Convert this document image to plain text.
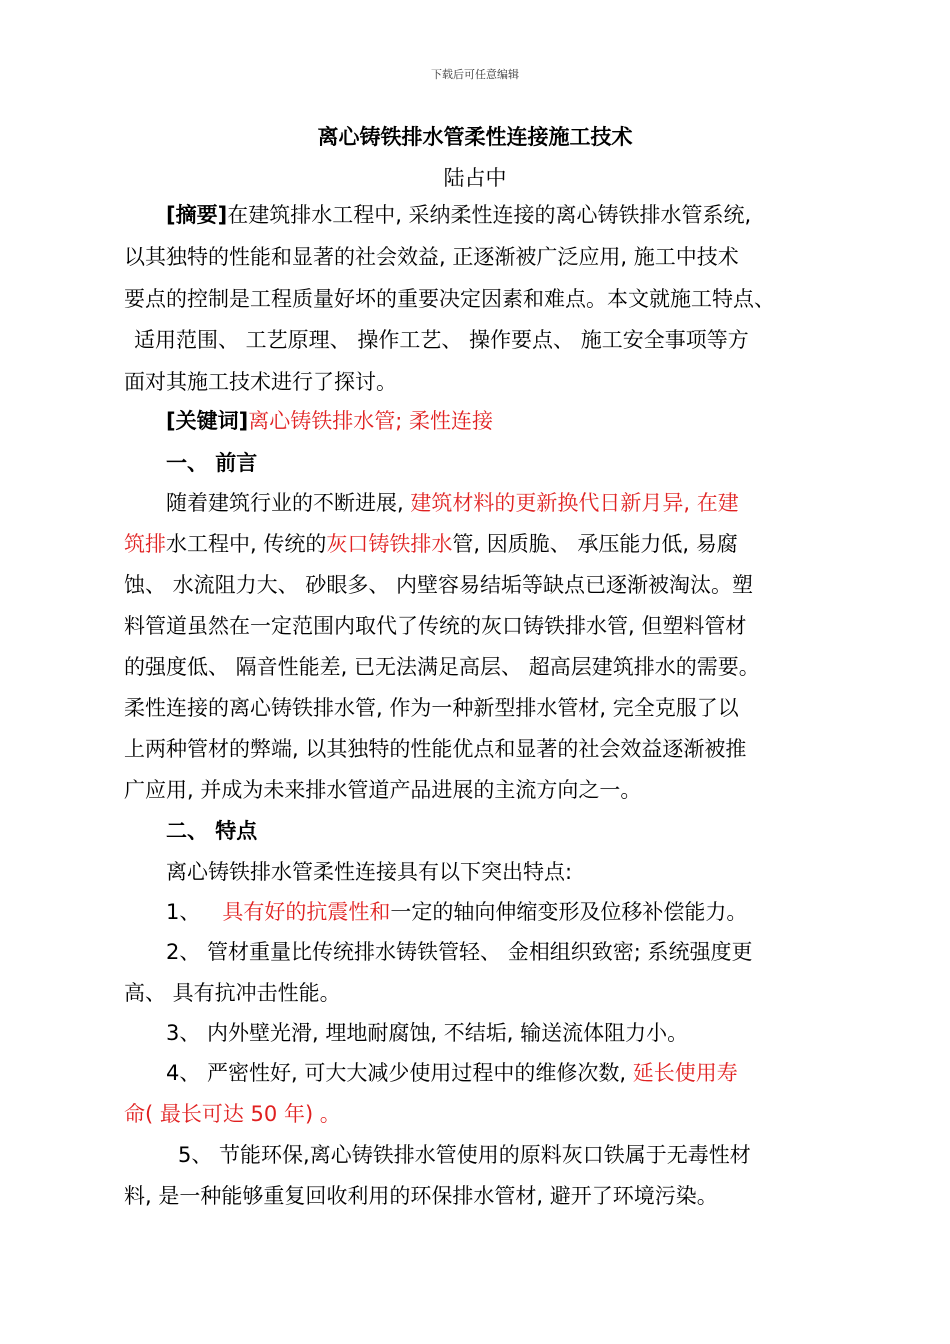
下载后可任意编辑
离心铸铁排水管柔性连接施工技术
陆占中
[摘要]在建筑排水工程中, 采纳柔性连接的离心铸铁排水管系统,
以其独特的性能和显著的社会效益, 正逐渐被广泛应用, 施工中技术
要点的控制是工程质量好坏的重要决定因素和难点。本文就施工特点、
适用范围、 工艺原理、 操作工艺、 操作要点、 施工安全事项等方
面对其施工技术进行了探讨。
[关键词]离心铸铁排水管; 柔性连接
一、 前言
随着建筑行业的不断进展, 建筑材料的更新换代日新月异, 在建
筑排水工程中, 传统的灰口铸铁排水管, 因质脆、 承压能力低, 易腐
蚀、 水流阻力大、 砂眼多、 内壁容易结垢等缺点已逐渐被淘汰。塑
料管道虽然在一定范围内取代了传统的灰口铸铁排水管, 但塑料管材
的强度低、 隔音性能差, 已无法满足高层、 超高层建筑排水的需要。
柔性连接的离心铸铁排水管, 作为一种新型排水管材, 完全克服了以
上两种管材的弊端, 以其独特的性能优点和显著的社会效益逐渐被推
广应用, 并成为未来排水管道产品进展的主流方向之一。
二、 特点
离心铸铁排水管柔性连接具有以下突出特点:
1、 具有好的抗震性和一定的轴向伸缩变形及位移补偿能力。
2、 管材重量比传统排水铸铁管轻、 金相组织致密; 系统强度更
高、 具有抗冲击性能。
3、 内外壁光滑, 埋地耐腐蚀, 不结垢, 输送流体阻力小。
4、 严密性好, 可大大减少使用过程中的维修次数, 延长使用寿
命( 最长可达 50 年) 。
5、 节能环保,离心铸铁排水管使用的原料灰口铁属于无毒性材
料, 是一种能够重复回收利用的环保排水管材, 避开了环境污染。
